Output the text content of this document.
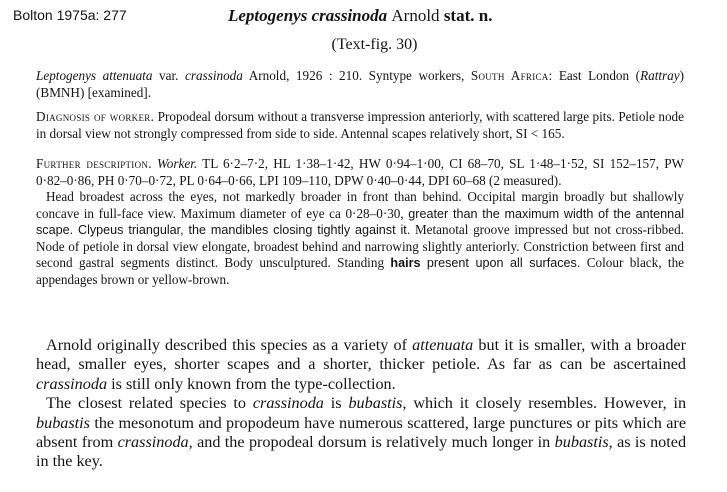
Bolton 1975a: 277	Leptogenys crassinoda Arnold stat. n.
(Text-fig. 30)

Leptogenys attenuata var. crassinoda Arnold, 1926 : 210. Syntype workers, South Africa: East London (Rattray) (BMNH) [examined].

Diagnosis of worker. Propodeal dorsum without a transverse impression anteriorly, with scattered large pits. Petiole node in dorsal view not strongly compressed from side to side. Antennal scapes relatively short, SI < 165.

Further description. Worker. TL 6·2–7·2, HL 1·38–1·42, HW 0·94–1·00, CI 68–70, SL 1·48–1·52, SI 152–157, PW 0·82–0·86, PH 0·70–0·72, PL 0·64–0·66, LPI 109–110, DPW 0·40–0·44, DPI 60–68 (2 measured).

Head broadest across the eyes, not markedly broader in front than behind. Occipital margin broadly but shallowly concave in full-face view. Maximum diameter of eye ca 0·28–0·30, greater than the maximum width of the antennal scape. Clypeus triangular, the mandibles closing tightly against it. Metanotal groove impressed but not cross-ribbed. Node of petiole in dorsal view elongate, broadest behind and narrowing slightly anteriorly. Constriction between first and second gastral segments distinct. Body unsculptured. Standing hairs present upon all surfaces. Colour black, the appendages brown or yellow-brown.

Arnold originally described this species as a variety of attenuata but it is smaller, with a broader head, smaller eyes, shorter scapes and a shorter, thicker petiole. As far as can be ascertained crassinoda is still only known from the type-collection.

The closest related species to crassinoda is bubastis, which it closely resembles. However, in bubastis the mesonotum and propodeum have numerous scattered, large punctures or pits which are absent from crassinoda, and the propodeal dorsum is relatively much longer in bubastis, as is noted in the key.
